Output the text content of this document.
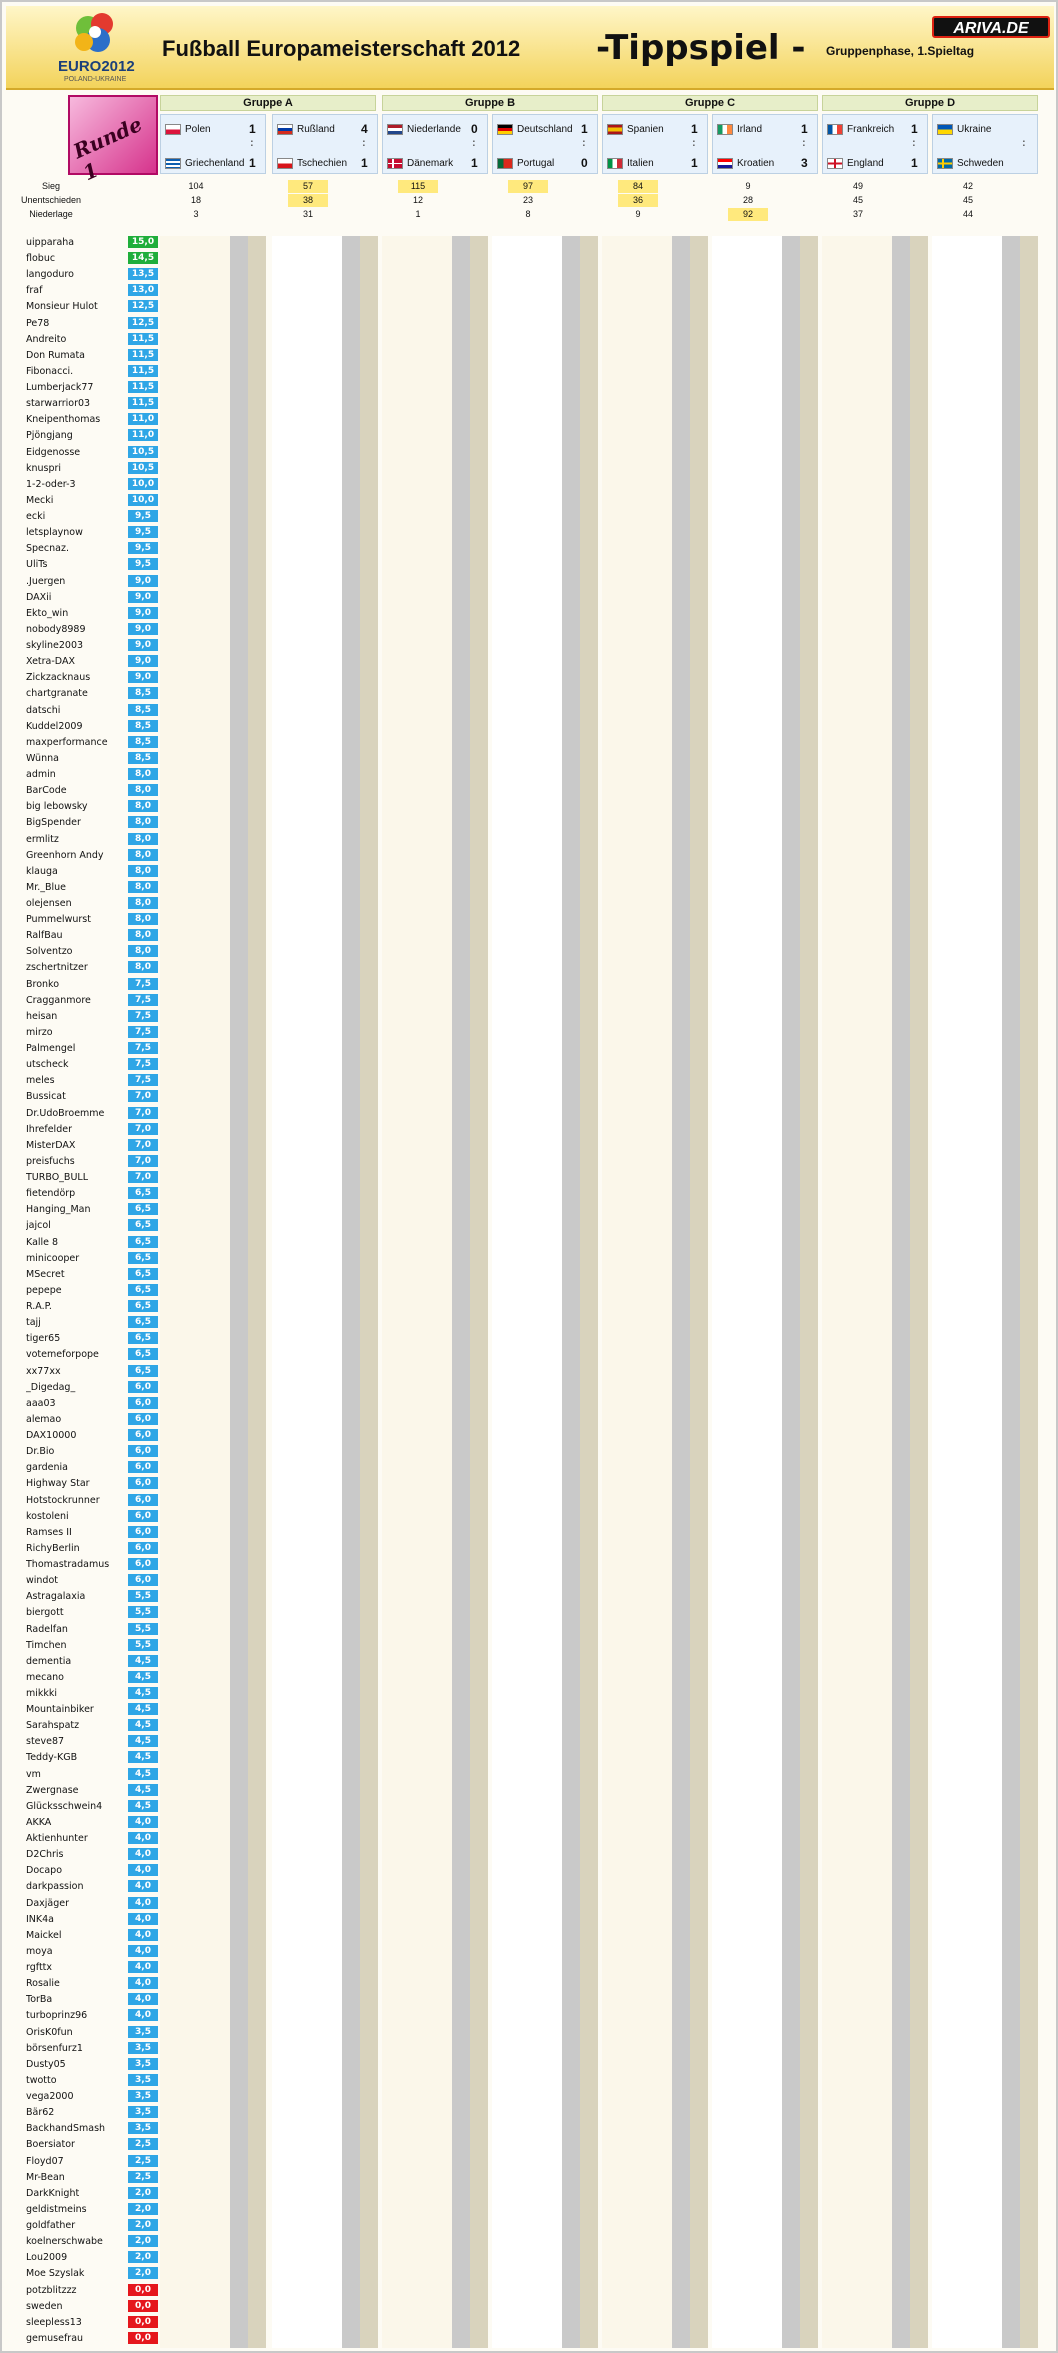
EURO2012
POLAND-UKRAINE
Fußball Europameisterschaft 2012 -Tippspiel - Gruppenphase, 1.Spieltag
ARIVA.DE
Runde 1
uipparaha	15,0
flobuc	14,5
langoduro	13,5
fraf	13,0
Monsieur Hulot	12,5
Pe78	12,5
Andreito	11,5
Don Rumata	11,5
Fibonacci.	11,5
Lumberjack77	11,5
starwarrior03	11,5
Kneipenthomas	11,0
Pjöngjang	11,0
Eidgenosse	10,5
knuspri	10,5
1-2-oder-3	10,0
Mecki	10,0
ecki	9,5
letsplaynow	9,5
Specnaz.	9,5
UliTs	9,5
.Juergen	9,0
DAXii	9,0
Ekto_win	9,0
nobody8989	9,0
skyline2003	9,0
Xetra-DAX	9,0
Zickzacknaus	9,0
chartgranate	8,5
datschi	8,5
Kuddel2009	8,5
maxperformance	8,5
Wünna	8,5
admin	8,0
BarCode	8,0
big lebowsky	8,0
BigSpender	8,0
ermlitz	8,0
Greenhorn Andy	8,0
klauga	8,0
Mr._Blue	8,0
olejensen	8,0
Pummelwurst	8,0
RalfBau	8,0
Solventzo	8,0
zschertnitzer	8,0
Bronko	7,5
Cragganmore	7,5
heisan	7,5
mirzo	7,5
Palmengel	7,5
utscheck	7,5
meles	7,5
Bussicat	7,0
Dr.UdoBroemme	7,0
Ihrefelder	7,0
MisterDAX	7,0
preisfuchs	7,0
TURBO_BULL	7,0
fietendörp	6,5
Hanging_Man	6,5
jajcol	6,5
Kalle 8	6,5
minicooper	6,5
MSecret	6,5
pepepe	6,5
R.A.P.	6,5
tajj	6,5
tiger65	6,5
votemeforpope	6,5
xx77xx	6,5
_Digedag_	6,0
aaa03	6,0
alemao	6,0
DAX10000	6,0
Dr.Bio	6,0
gardenia	6,0
Highway Star	6,0
Hotstockrunner	6,0
kostoleni	6,0
Ramses II	6,0
RichyBerlin	6,0
Thomastradamus	6,0
windot	6,0
Astragalaxia	5,5
biergott	5,5
Radelfan	5,5
Timchen	5,5
dementia	4,5
mecano	4,5
mikkki	4,5
Mountainbiker	4,5
Sarahspatz	4,5
steve87	4,5
Teddy-KGB	4,5
vm	4,5
Zwergnase	4,5
Glücksschwein4	4,5
AKKA	4,0
Aktienhunter	4,0
D2Chris	4,0
Docapo	4,0
darkpassion	4,0
Daxjäger	4,0
INK4a	4,0
Maickel	4,0
moya	4,0
rgfttx	4,0
Rosalie	4,0
TorBa	4,0
turboprinz96	4,0
OrisK0fun	3,5
börsenfurz1	3,5
Dusty05	3,5
twotto	3,5
vega2000	3,5
Bär62	3,5
BackhandSmash	3,5
Boersiator	2,5
Floyd07	2,5
Mr-Bean	2,5
DarkKnight	2,0
geldistmeins	2,0
goldfather	2,0
koelnerschwabe	2,0
Lou2009	2,0
Moe Szyslak	2,0
potzblitzzz	0,0
sweden	0,0
sleepless13	0,0
gemusefrau	0,0
Gruppe A	Gruppe B	Gruppe C	Gruppe D
Polen	1
Griechenland 1
:
Rußland 4
Tschechien 1
:
Niederlande 0
Dänemark 1
:
Deutschland 1
Portugal 0
:
Spanien 1
Italien	1
:
Irland	1
Kroatien 3
:
Frankreich 1
England 1
:
Ukraine
Schweden
:
Sieg	104	57	115	97	84	9	49	42
Unentschieden	18	38	12	23	36	28	45	45
Niederlage	3	31	1	8	9	92	37	44
